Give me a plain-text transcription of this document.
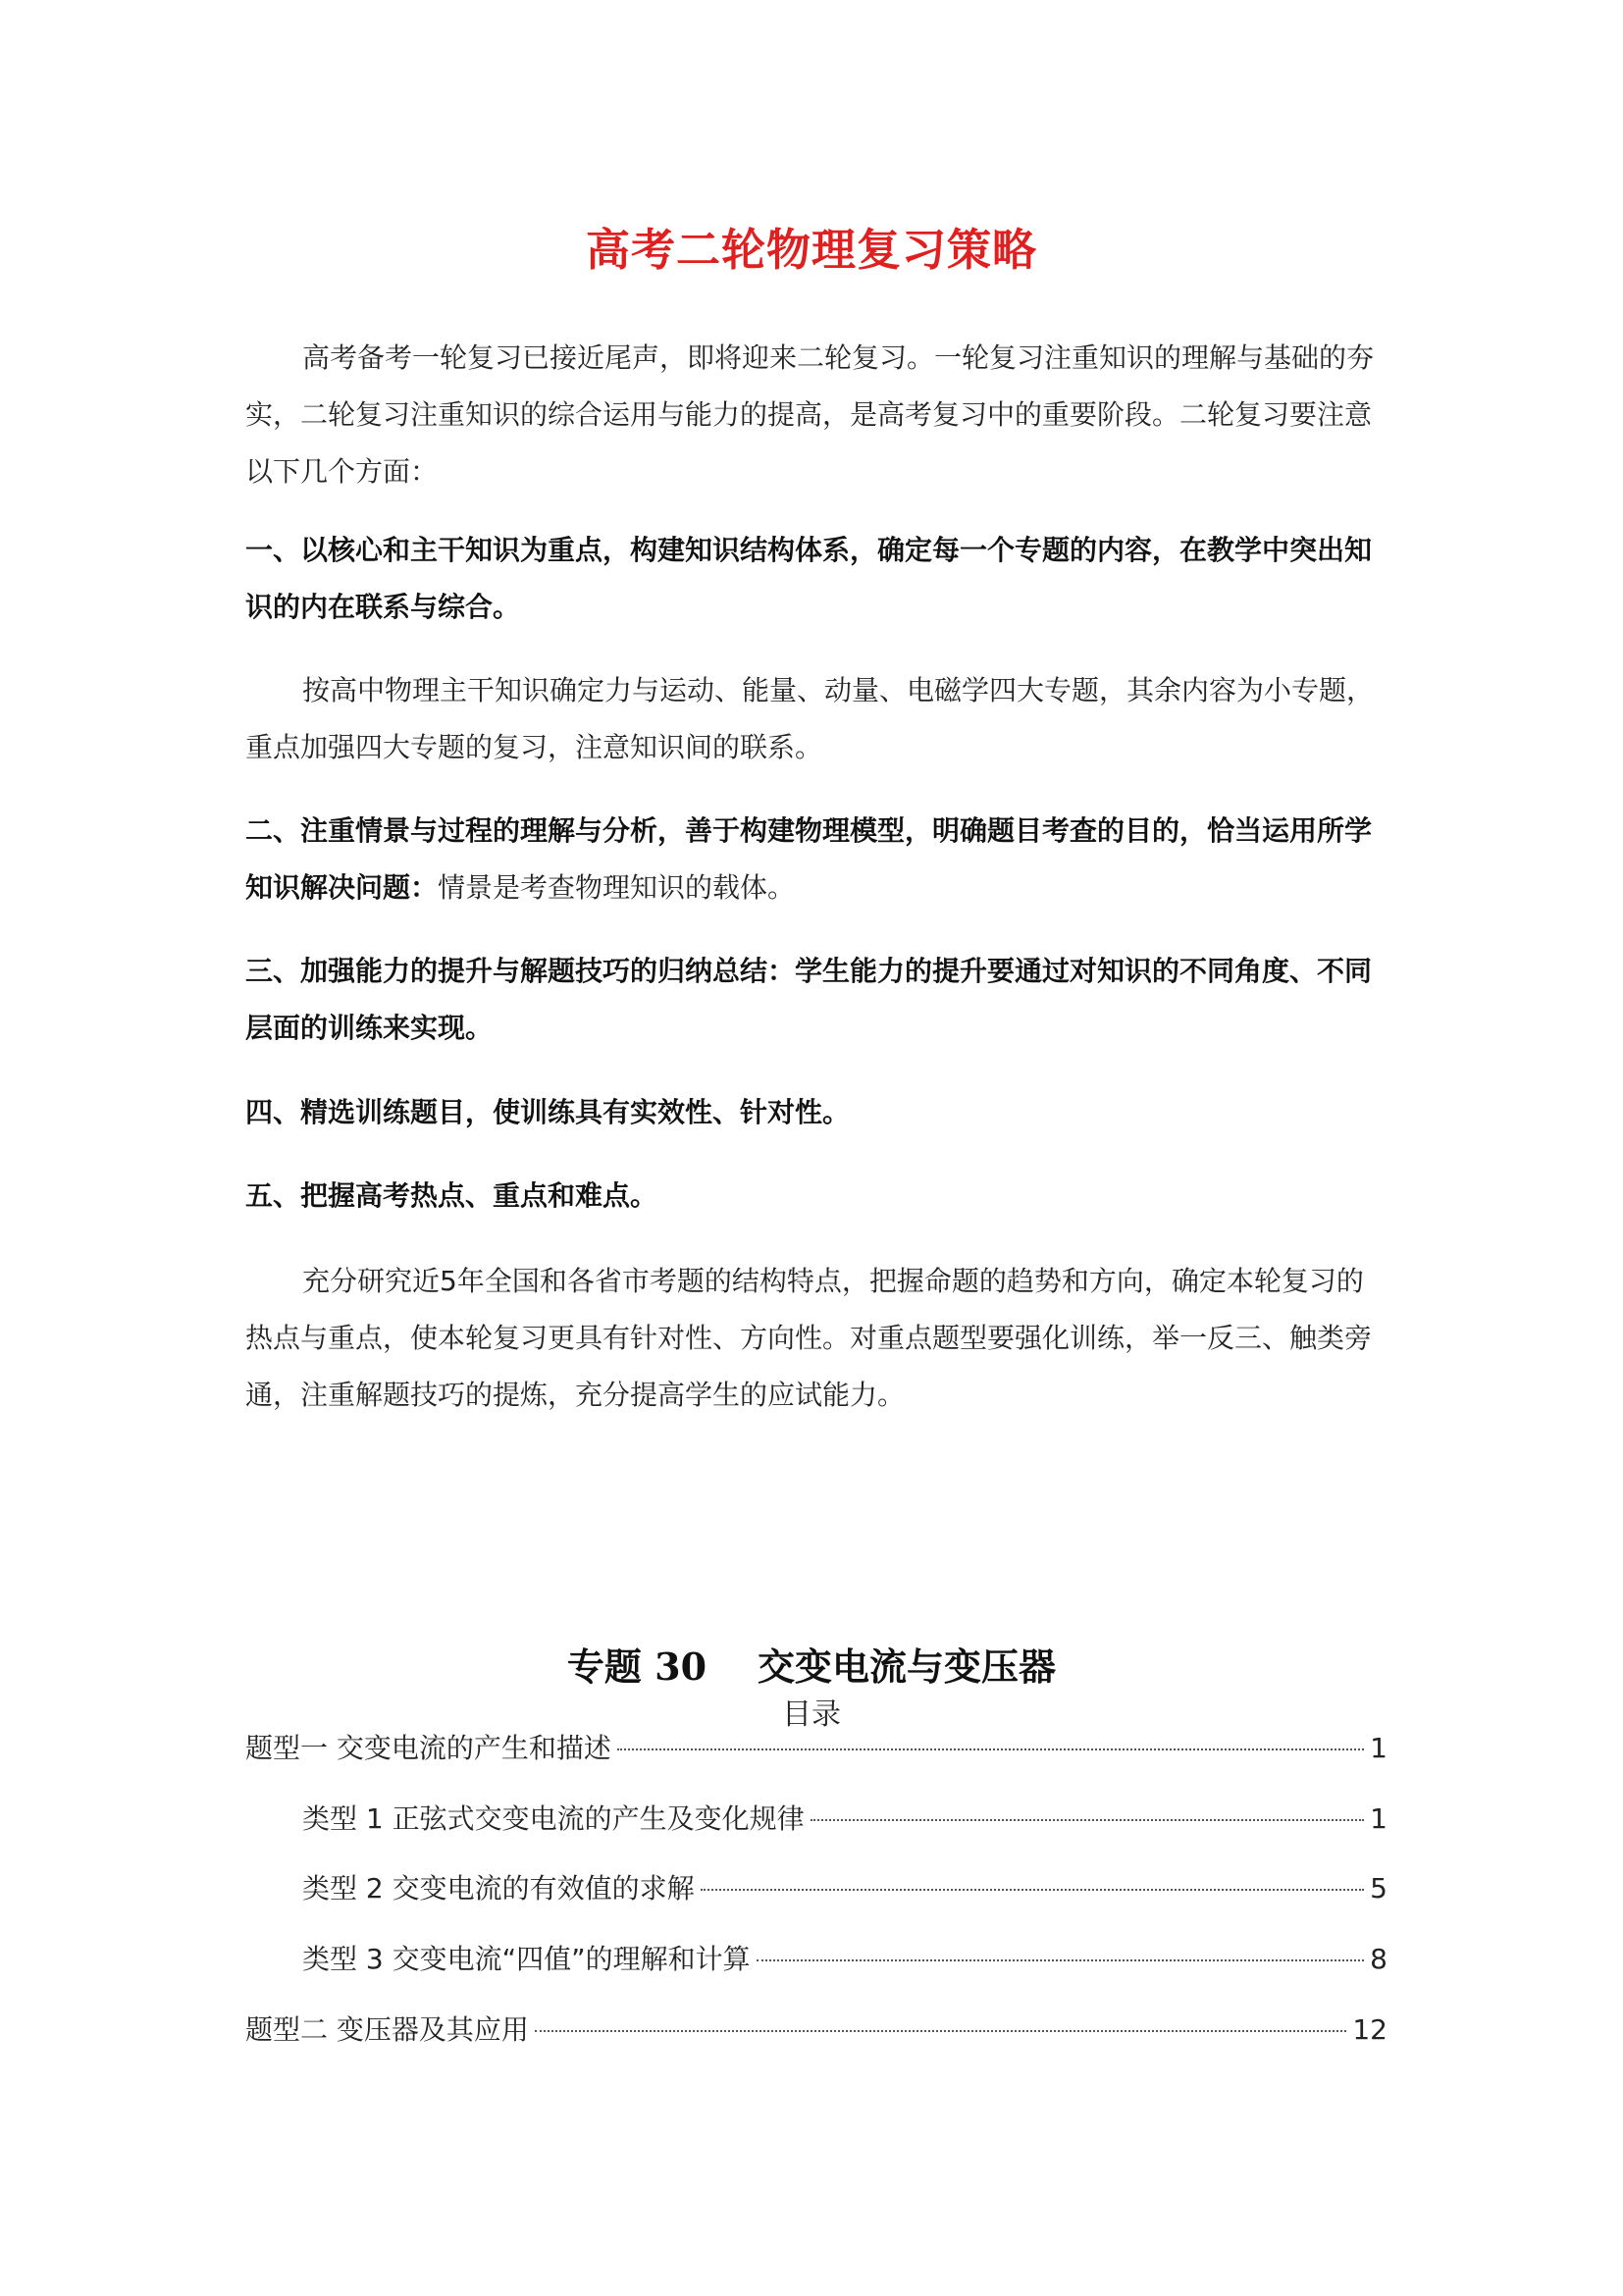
高考二轮物理复习策略
高考备考一轮复习已接近尾声，即将迎来二轮复习。一轮复习注重知识的理解与基础的夯实，二轮复习注重知识的综合运用与能力的提高，是高考复习中的重要阶段。二轮复习要注意以下几个方面：
一、以核心和主干知识为重点，构建知识结构体系，确定每一个专题的内容，在教学中突出知识的内在联系与综合。
按高中物理主干知识确定力与运动、能量、动量、电磁学四大专题，其余内容为小专题，重点加强四大专题的复习，注意知识间的联系。
二、注重情景与过程的理解与分析，善于构建物理模型，明确题目考查的目的，恰当运用所学知识解决问题：情景是考查物理知识的载体。
三、加强能力的提升与解题技巧的归纳总结：学生能力的提升要通过对知识的不同角度、不同层面的训练来实现。
四、精选训练题目，使训练具有实效性、针对性。
五、把握高考热点、重点和难点。
充分研究近5年全国和各省市考题的结构特点，把握命题的趋势和方向，确定本轮复习的热点与重点，使本轮复习更具有针对性、方向性。对重点题型要强化训练，举一反三、触类旁通，注重解题技巧的提炼，充分提高学生的应试能力。
专题 30 交变电流与变压器
目录
题型一 交变电流的产生和描述	1
类型 1 正弦式交变电流的产生及变化规律	1
类型 2 交变电流的有效值的求解	5
类型 3 交变电流“四值”的理解和计算	8
题型二 变压器及其应用	12
